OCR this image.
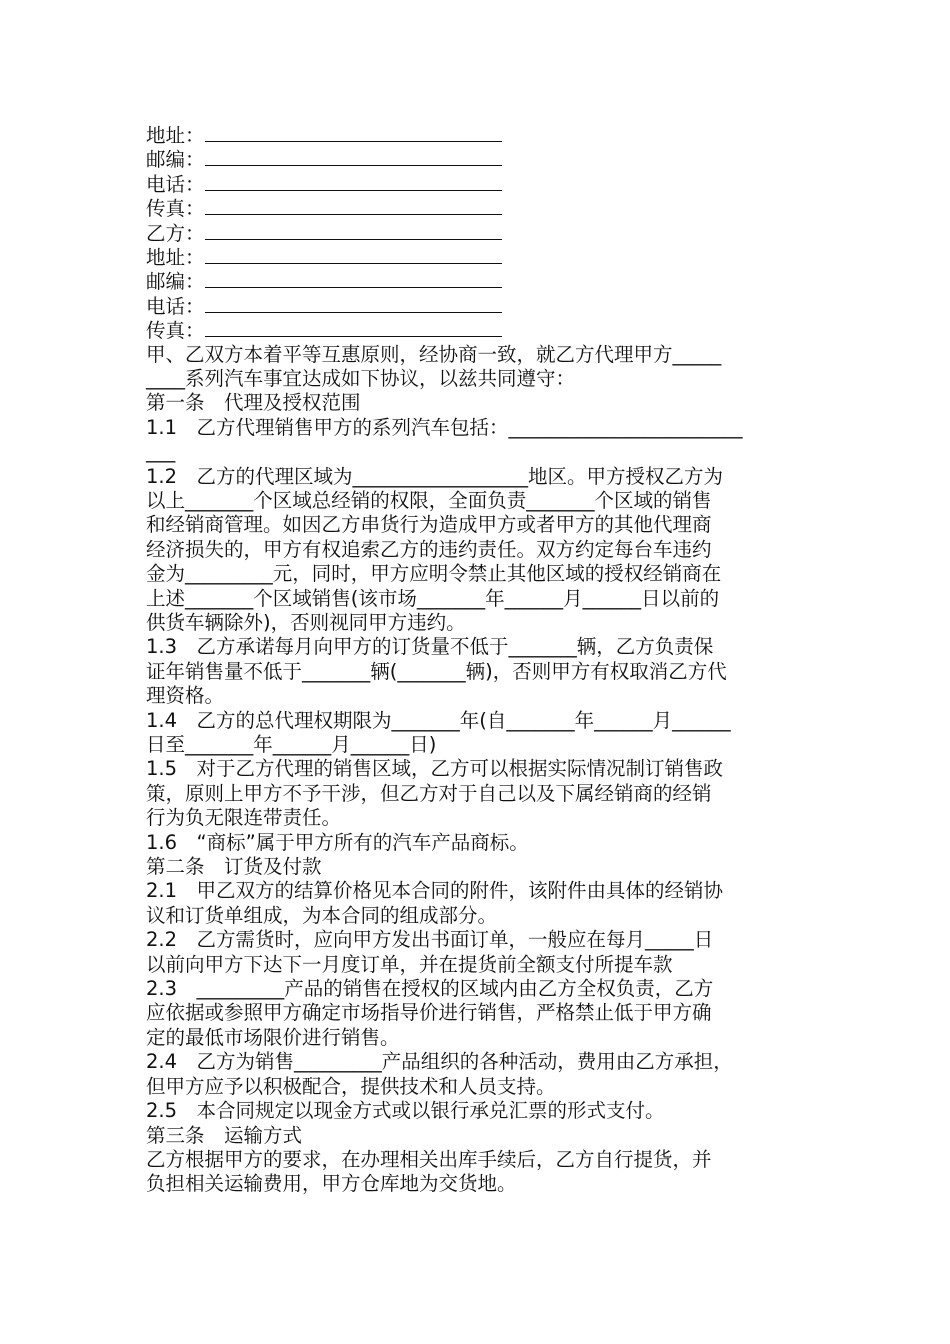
地址：
邮编：
电话：
传真：
乙方：
地址：
邮编：
电话：
传真：
甲、乙双方本着平等互惠原则，经协商一致，就乙方代理甲方_____
____系列汽车事宜达成如下协议，以兹共同遵守：
第一条　代理及授权范围
1.1　乙方代理销售甲方的系列汽车包括：________________________
___
1.2　乙方的代理区域为__________________地区。甲方授权乙方为
以上_______个区域总经销的权限，全面负责_______个区域的销售
和经销商管理。如因乙方串货行为造成甲方或者甲方的其他代理商
经济损失的，甲方有权追索乙方的违约责任。双方约定每台车违约
金为_________元，同时，甲方应明令禁止其他区域的授权经销商在
上述_______个区域销售(该市场_______年______月______日以前的
供货车辆除外)，否则视同甲方违约。
1.3　乙方承诺每月向甲方的订货量不低于_______辆，乙方负责保
证年销售量不低于_______辆(_______辆)，否则甲方有权取消乙方代
理资格。
1.4　乙方的总代理权期限为_______年(自_______年______月______
日至_______年______月______日)
1.5　对于乙方代理的销售区域，乙方可以根据实际情况制订销售政
策，原则上甲方不予干涉，但乙方对于自己以及下属经销商的经销
行为负无限连带责任。
1.6　“商标”属于甲方所有的汽车产品商标。
第二条　订货及付款
2.1　甲乙双方的结算价格见本合同的附件，该附件由具体的经销协
议和订货单组成，为本合同的组成部分。
2.2　乙方需货时，应向甲方发出书面订单，一般应在每月_____日
以前向甲方下达下一月度订单，并在提货前全额支付所提车款
2.3　_________产品的销售在授权的区域内由乙方全权负责，乙方
应依据或参照甲方确定市场指导价进行销售，严格禁止低于甲方确
定的最低市场限价进行销售。
2.4　乙方为销售_________产品组织的各种活动，费用由乙方承担，
但甲方应予以积极配合，提供技术和人员支持。
2.5　本合同规定以现金方式或以银行承兑汇票的形式支付。
第三条　运输方式
乙方根据甲方的要求，在办理相关出库手续后，乙方自行提货，并
负担相关运输费用，甲方仓库地为交货地。
